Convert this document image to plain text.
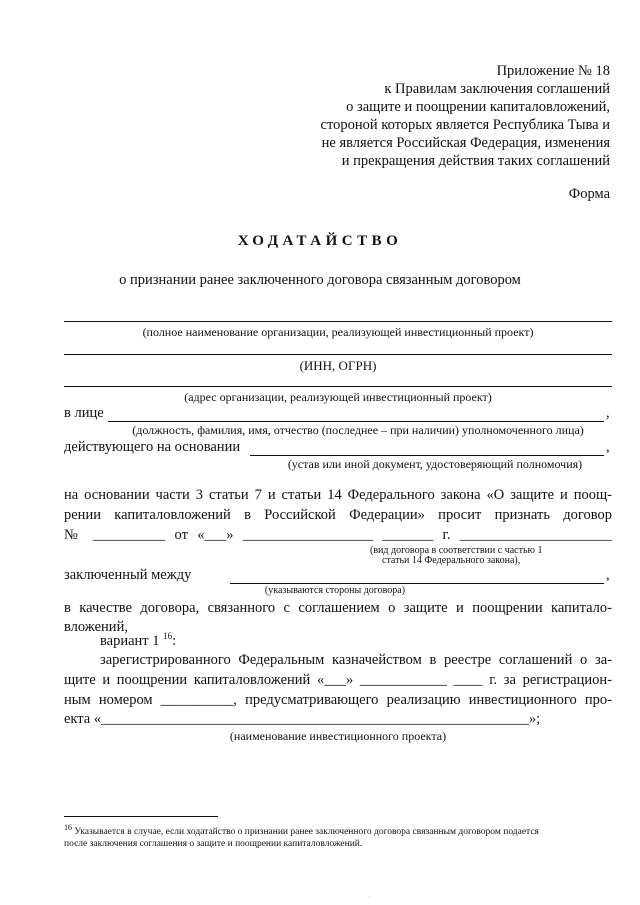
Приложение № 18
к Правилам заключения соглашений
о защите и поощрении капиталовложений,
стороной которых является Республика Тыва и
не является Российская Федерация, изменения
и прекращения действия таких соглашений
Форма
ХОДАТАЙСТВО
о признании ранее заключенного договора связанным договором
(полное наименование организации, реализующей инвестиционный проект)
(ИНН, ОГРН)
(адрес организации, реализующей инвестиционный проект)
в лице	,
(должность, фамилия, имя, отчество (последнее – при наличии) уполномоченного лица)
действующего на основании	,
(устав или иной документ, удостоверяющий полномочия)
на основании части 3 статьи 7 и статьи 14 Федерального закона «О защите и поощ-
рении капиталовложений в Российской Федерации» просит признать договор
№ __________ от «___» __________________ _______ г. _____________________
(вид договора в соответствии с частью 1
статьи 14 Федерального закона),
заключенный между	,
(указываются стороны договора)
в качестве договора, связанного с соглашением о защите и поощрении капитало-
вложений,
вариант 1 $^{16}$:
зарегистрированного Федеральным казначейством в реестре соглашений о за-
щите и поощрении капиталовложений «___» ____________ ____ г. за регистрацион-
ным номером __________, предусматривающего реализацию инвестиционного про-
екта «___________________________________________________________»;
(наименование инвестиционного проекта)
$^{16}$ Указывается в случае, если ходатайство о признании ранее заключенного договора связанным договором подается
после заключения соглашения о защите и поощрении капиталовложений.
·
